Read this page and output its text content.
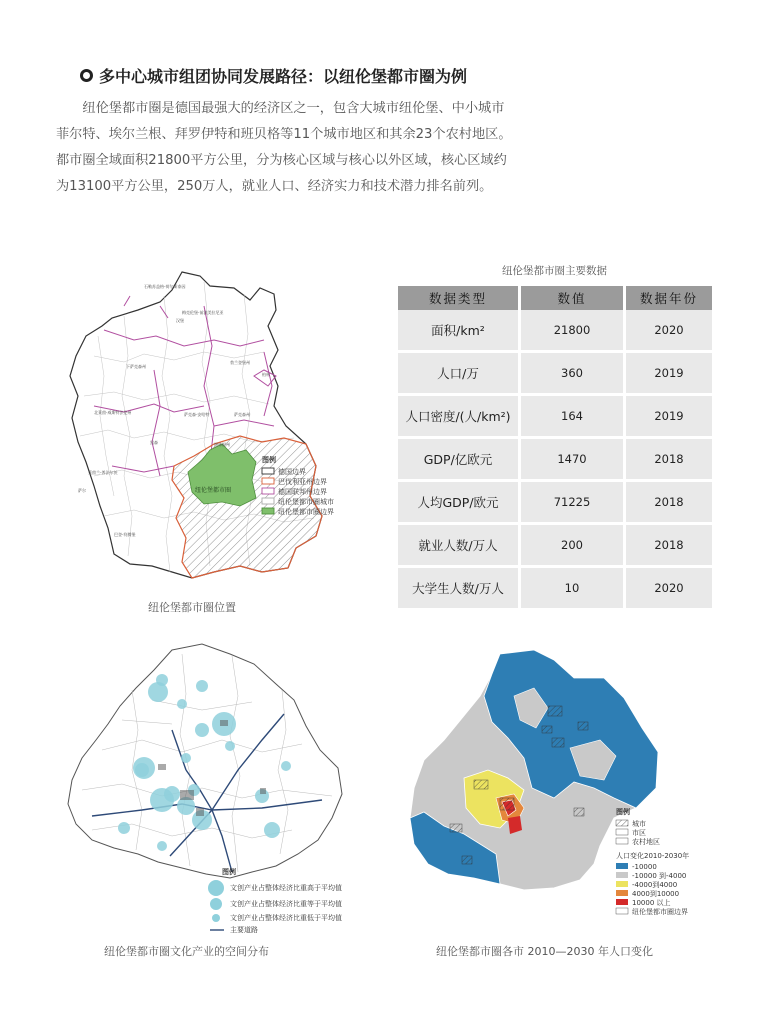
多中心城市组团协同发展路径：以纽伦堡都市圈为例

纽伦堡都市圈是德国最强大的经济区之一，包含大城市纽伦堡、中小城市菲尔特、埃尔兰根、拜罗伊特和班贝格等11个城市地区和其余23个农村地区。都市圈全域面积21800平方公里，分为核心区域与核心以外区域，核心区域约为13100平方公里，250万人，就业人口、经济实力和技术潜力排名前列。

纽伦堡都市圈
石勒苏益格-荷尔斯泰因
梅克伦堡-前波美拉尼亚
汉堡
下萨克森州
勃兰登堡州
柏林
北莱茵-威斯特法伦州	萨克森-安哈特	萨克森州
黑森	图林根州
莱茵兰-普法尔茨
萨尔
巴登-符腾堡
图例
德国边界
巴伐利亚州边界
德国联邦州边界
纽伦堡都市圈城市
纽伦堡都市圈边界
纽伦堡都市圈位置
纽伦堡都市圈主要数据
数据类型	数值	数据年份
面积/km²	21800	2020
人口/万	360	2019
人口密度/(人/km²)	164	2019
GDP/亿欧元	1470	2018
人均GDP/欧元	71225	2018
就业人数/万人	200	2018
大学生人数/万人	10	2020
图例
文创产业占整体经济比重高于平均值
文创产业占整体经济比重等于平均值
文创产业占整体经济比重低于平均值
主要道路
纽伦堡都市圈文化产业的空间分布
图例
城市
市区
农村地区
人口变化2010-2030年
-10000
-10000 到-4000
-4000到4000
4000到10000
10000 以上
纽伦堡都市圈边界
纽伦堡都市圈各市 2010—2030 年人口变化
